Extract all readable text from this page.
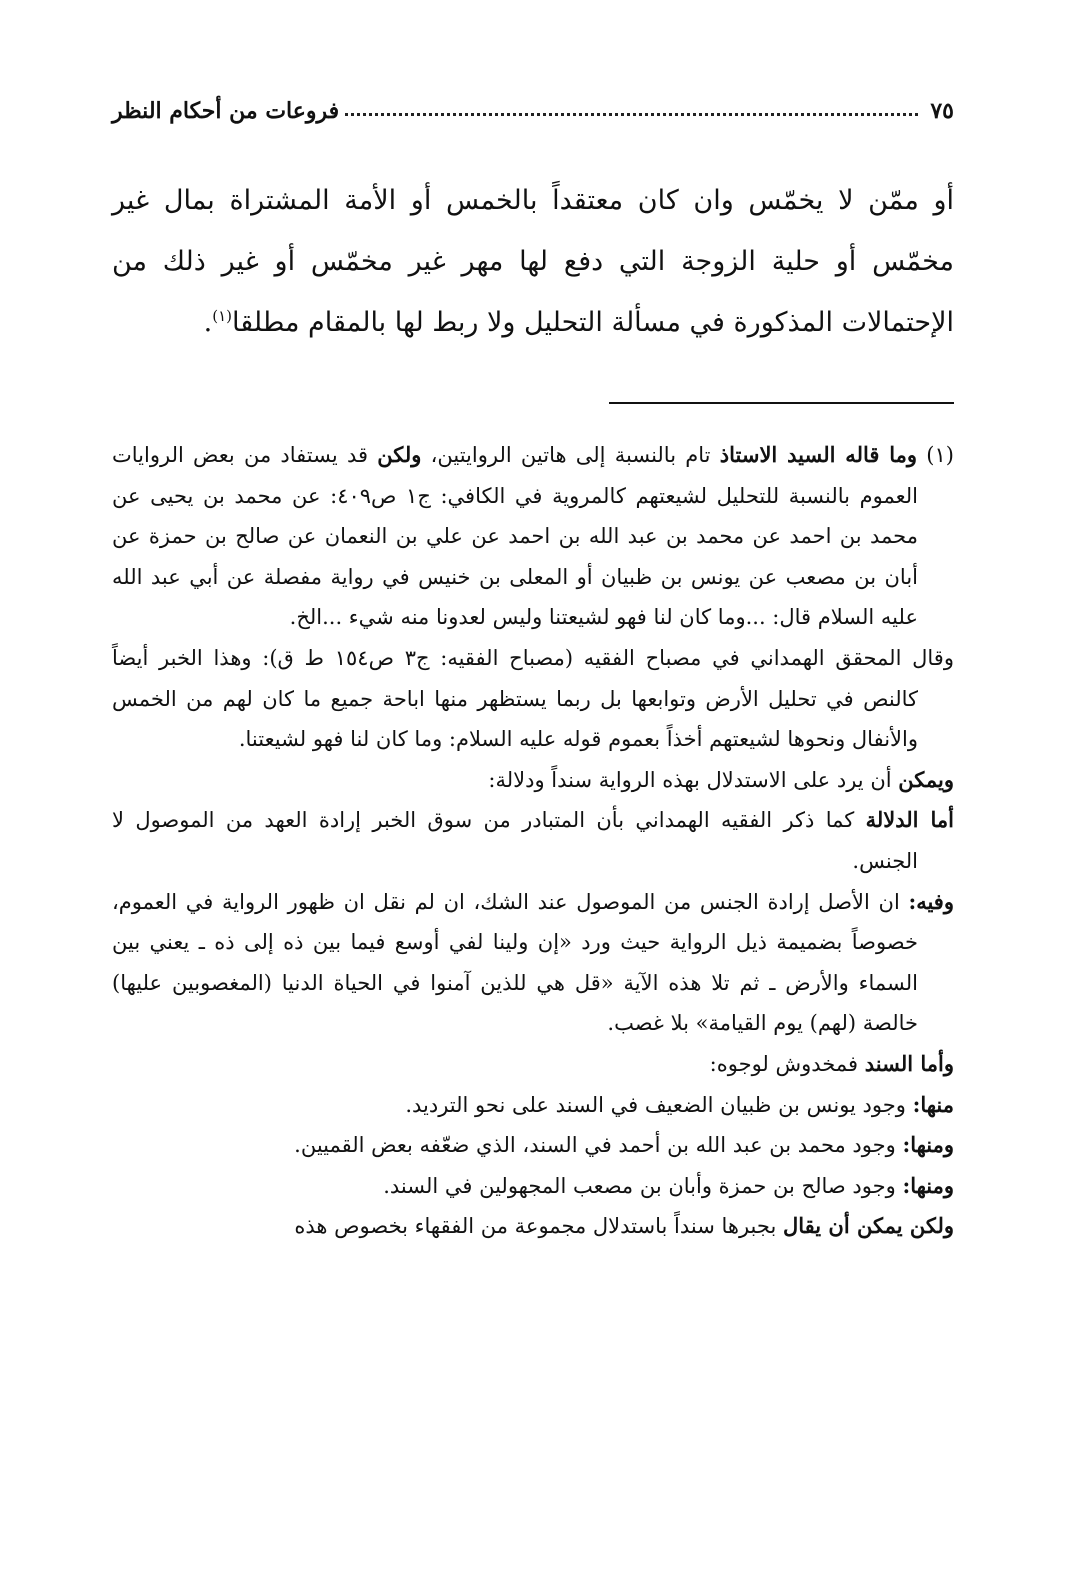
٧٥
فروعات من أحكام النظر

أو ممّن لا يخمّس وان كان معتقداً بالخمس أو الأمة المشتراة بمال غير مخمّس أو حلية الزوجة التي دفع لها مهر غير مخمّس أو غير ذلك من الإحتمالات المذكورة في مسألة التحليل ولا ربط لها بالمقام مطلقا$^{(١)}$.

(١) وما قاله السيد الاستاذ تام بالنسبة إلى هاتين الروايتين، ولكن قد يستفاد من بعض الروايات العموم بالنسبة للتحليل لشيعتهم كالمروية في الكافي: ج١ ص٤٠٩: عن محمد بن يحيى عن محمد بن احمد عن محمد بن عبد الله بن احمد عن علي بن النعمان عن صالح بن حمزة عن أبان بن مصعب عن يونس بن ظبيان أو المعلى بن خنيس في رواية مفصلة عن أبي عبد الله عليه السلام قال: ...وما كان لنا فهو لشيعتنا وليس لعدونا منه شيء ...الخ.

وقال المحقق الهمداني في مصباح الفقيه (مصباح الفقيه: ج٣ ص١٥٤ ط ق): وهذا الخبر أيضاً كالنص في تحليل الأرض وتوابعها بل ربما يستظهر منها اباحة جميع ما كان لهم من الخمس والأنفال ونحوها لشيعتهم أخذاً بعموم قوله عليه السلام: وما كان لنا فهو لشيعتنا.

ويمكن أن يرد على الاستدلال بهذه الرواية سنداً ودلالة:

أما الدلالة كما ذكر الفقيه الهمداني بأن المتبادر من سوق الخبر إرادة العهد من الموصول لا الجنس.

وفيه: ان الأصل إرادة الجنس من الموصول عند الشك، ان لم نقل ان ظهور الرواية في العموم، خصوصاً بضميمة ذيل الرواية حيث ورد «إن ولينا لفي أوسع فيما بين ذه إلى ذه ـ يعني بين السماء والأرض ـ ثم تلا هذه الآية «قل هي للذين آمنوا في الحياة الدنيا (المغصوبين عليها) خالصة (لهم) يوم القيامة» بلا غصب.

وأما السند فمخدوش لوجوه:

منها: وجود يونس بن ظبيان الضعيف في السند على نحو الترديد.

ومنها: وجود محمد بن عبد الله بن أحمد في السند، الذي ضعّفه بعض القميين.

ومنها: وجود صالح بن حمزة وأبان بن مصعب المجهولين في السند.

ولكن يمكن أن يقال بجبرها سنداً باستدلال مجموعة من الفقهاء بخصوص هذه
